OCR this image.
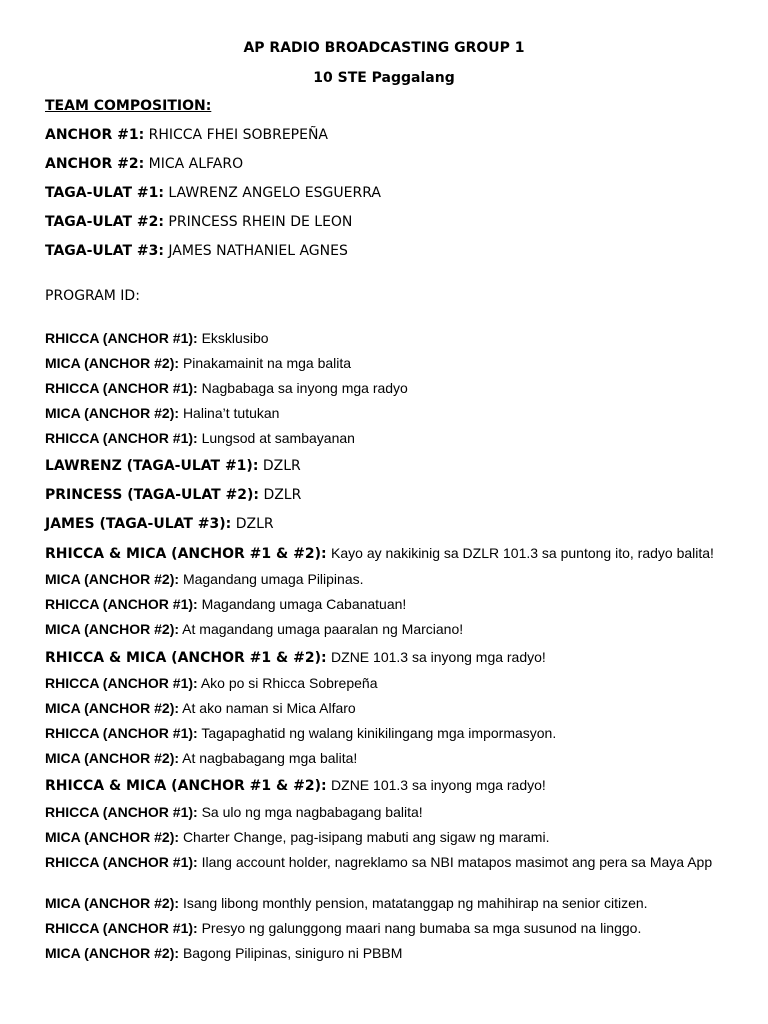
AP RADIO BROADCASTING GROUP 1
10 STE Paggalang
TEAM COMPOSITION:
ANCHOR #1: RHICCA FHEI SOBREPEÑA
ANCHOR #2: MICA ALFARO
TAGA-ULAT #1: LAWRENZ ANGELO ESGUERRA
TAGA-ULAT #2: PRINCESS RHEIN DE LEON
TAGA-ULAT #3: JAMES NATHANIEL AGNES
PROGRAM ID:
RHICCA (ANCHOR #1): Eksklusibo
MICA (ANCHOR #2): Pinakamainit na mga balita
RHICCA (ANCHOR #1): Nagbabaga sa inyong mga radyo
MICA (ANCHOR #2): Halina’t tutukan
RHICCA (ANCHOR #1): Lungsod at sambayanan
LAWRENZ (TAGA-ULAT #1): DZLR
PRINCESS (TAGA-ULAT #2): DZLR
JAMES (TAGA-ULAT #3): DZLR
RHICCA & MICA (ANCHOR #1 & #2): Kayo ay nakikinig sa DZLR 101.3 sa puntong ito, radyo balita!
MICA (ANCHOR #2): Magandang umaga Pilipinas.
RHICCA (ANCHOR #1): Magandang umaga Cabanatuan!
MICA (ANCHOR #2): At magandang umaga paaralan ng Marciano!
RHICCA & MICA (ANCHOR #1 & #2): DZNE 101.3 sa inyong mga radyo!
RHICCA (ANCHOR #1): Ako po si Rhicca Sobrepeña
MICA (ANCHOR #2): At ako naman si Mica Alfaro
RHICCA (ANCHOR #1): Tagapaghatid ng walang kinikilingang mga impormasyon.
MICA (ANCHOR #2): At nagbabagang mga balita!
RHICCA & MICA (ANCHOR #1 & #2): DZNE 101.3 sa inyong mga radyo!
RHICCA (ANCHOR #1): Sa ulo ng mga nagbabagang balita!
MICA (ANCHOR #2): Charter Change, pag-isipang mabuti ang sigaw ng marami.
RHICCA (ANCHOR #1): Ilang account holder, nagreklamo sa NBI matapos masimot ang pera sa Maya App
MICA (ANCHOR #2): Isang libong monthly pension, matatanggap ng mahihirap na senior citizen.
RHICCA (ANCHOR #1): Presyo ng galunggong maari nang bumaba sa mga susunod na linggo.
MICA (ANCHOR #2): Bagong Pilipinas, siniguro ni PBBM
